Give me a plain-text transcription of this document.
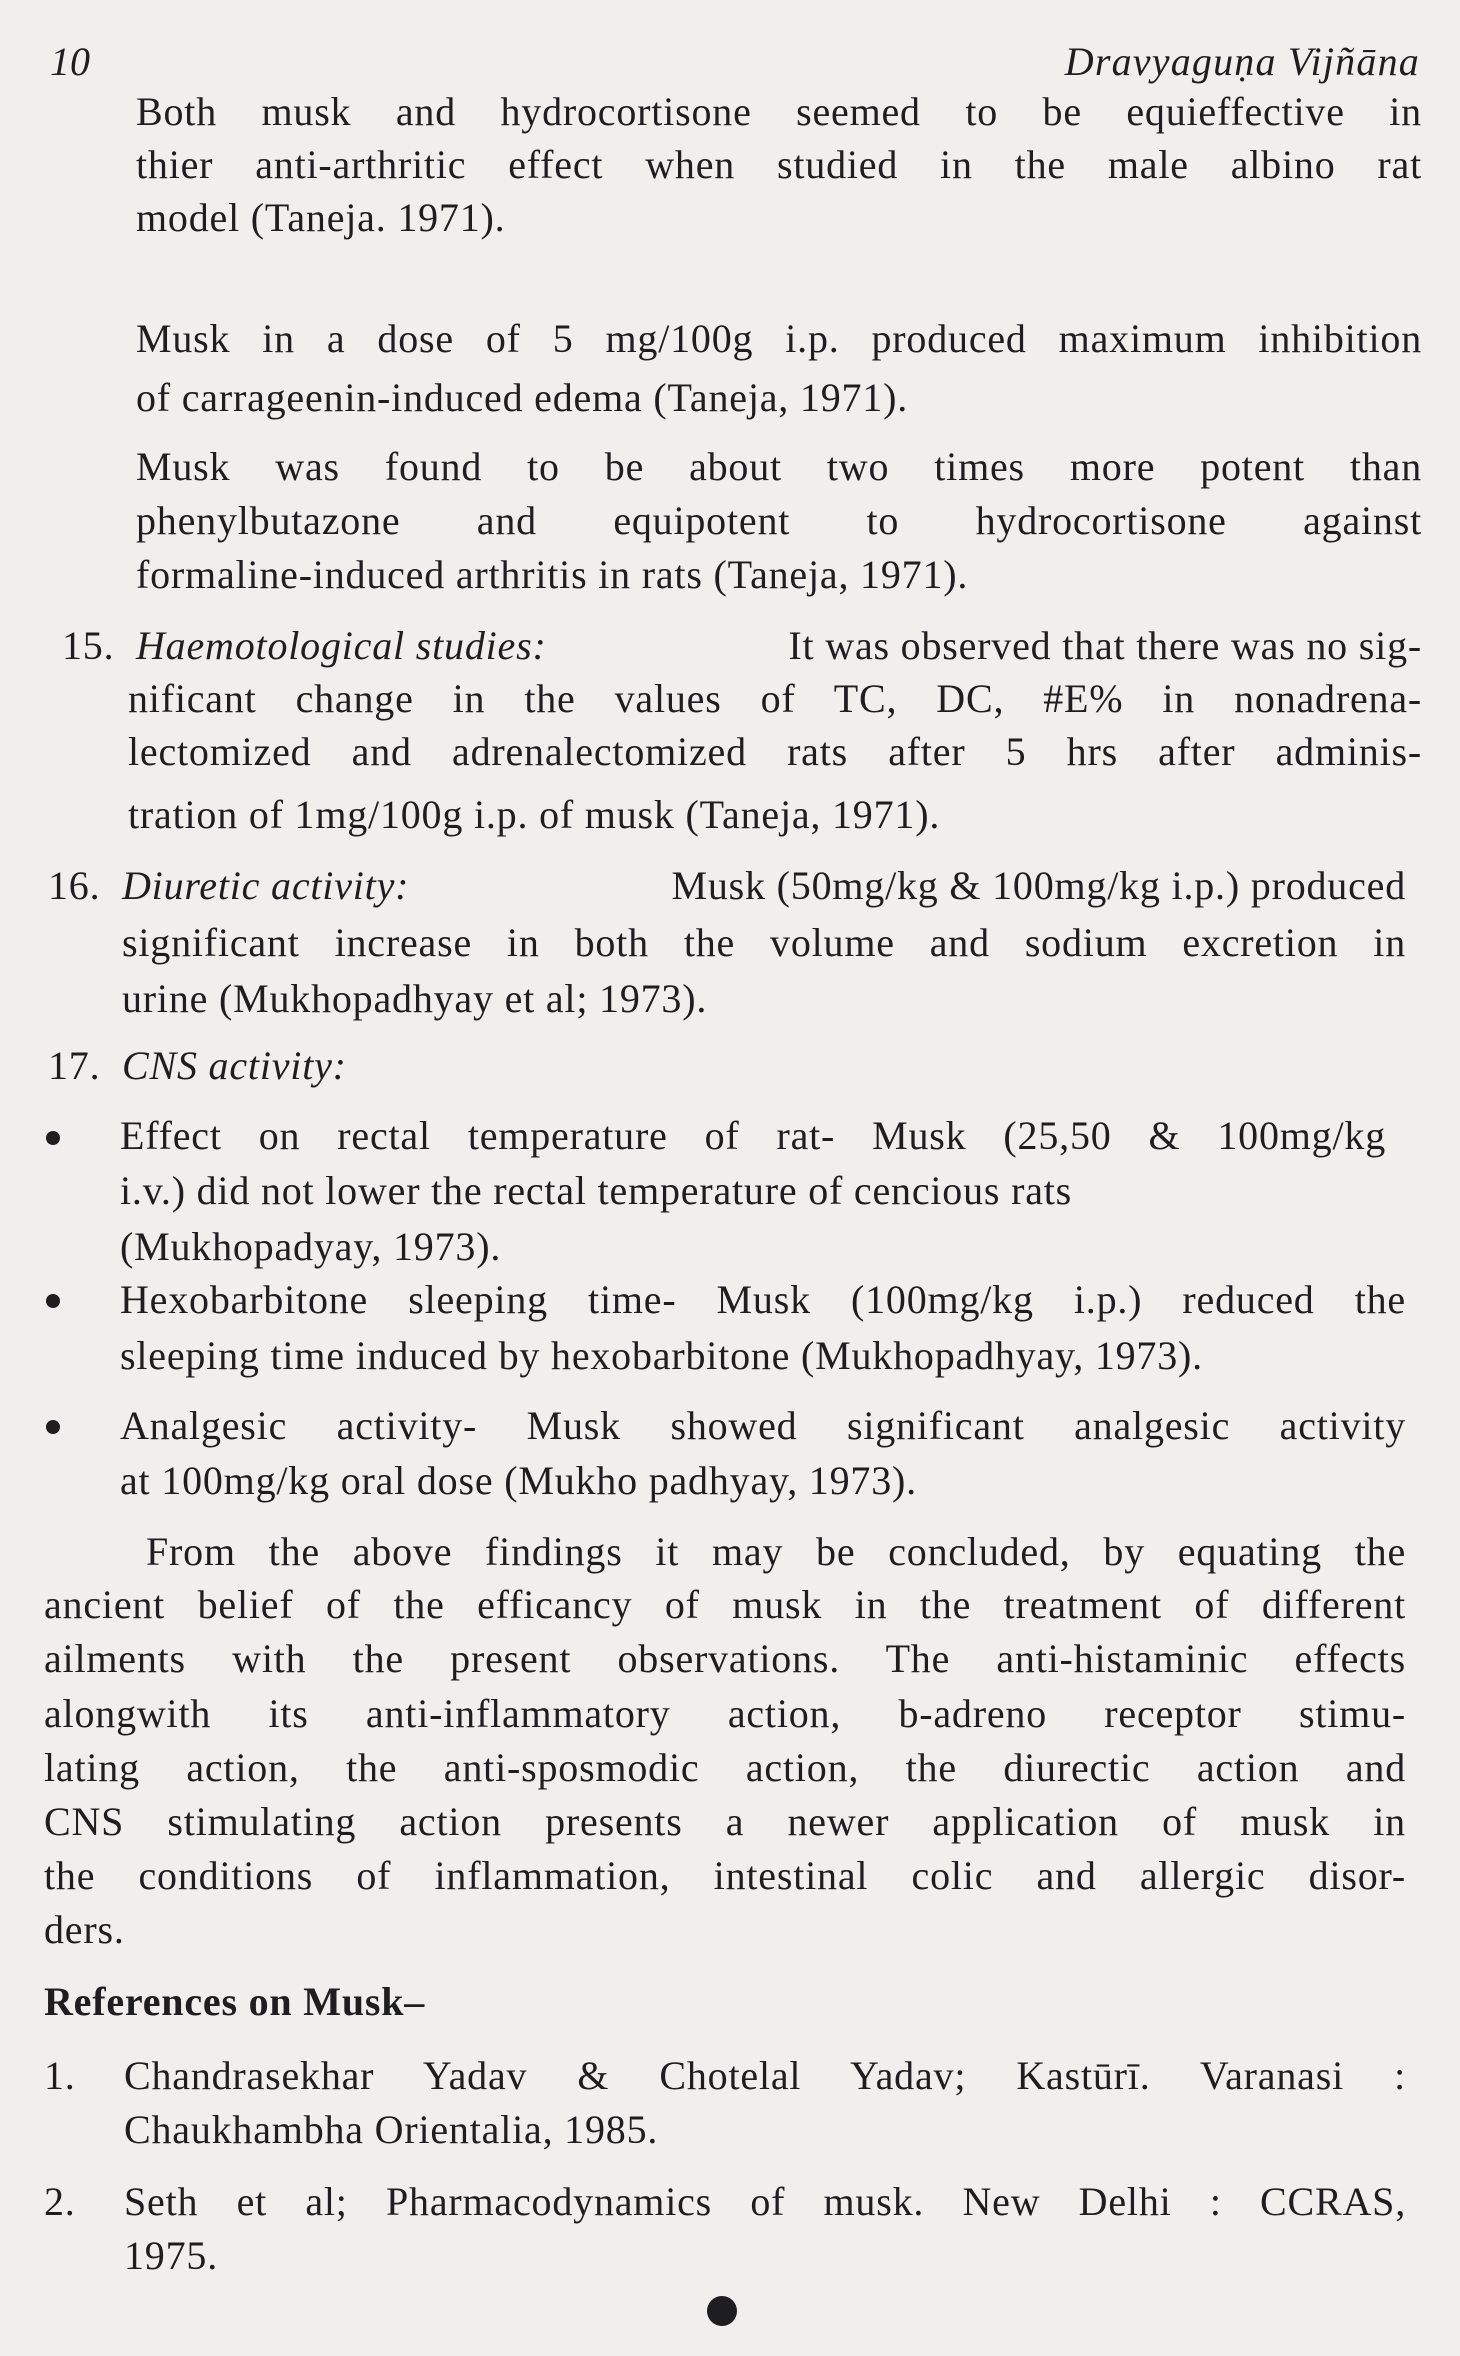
10	Dravyaguṇa Vijñāna
Both musk and hydrocortisone seemed to be equieffective in
thier anti-arthritic effect when studied in the male albino rat
model (Taneja. 1971).
Musk in a dose of 5 mg/100g i.p. produced maximum inhibition
of carrageenin-induced edema (Taneja, 1971).
Musk was found to be about two times more potent than
phenylbutazone and equipotent to hydrocortisone against
formaline-induced arthritis in rats (Taneja, 1971).
15. Haemotological studies:	It was observed that there was no sig-
nificant change in the values of TC, DC, #E% in nonadrena-
lectomized and adrenalectomized rats after 5 hrs after adminis-
tration of 1mg/100g i.p. of musk (Taneja, 1971).
16. Diuretic activity:	Musk (50mg/kg & 100mg/kg i.p.) produced
significant increase in both the volume and sodium excretion in
urine (Mukhopadhyay et al; 1973).
17. CNS activity:
Effect on rectal temperature of rat- Musk (25,50 & 100mg/kg
i.v.) did not lower the rectal temperature of cencious rats
(Mukhopadyay, 1973).
Hexobarbitone sleeping time- Musk (100mg/kg i.p.) reduced the
sleeping time induced by hexobarbitone (Mukhopadhyay, 1973).
Analgesic activity- Musk showed significant analgesic activity
at 100mg/kg oral dose (Mukho padhyay, 1973).
From the above findings it may be concluded, by equating the
ancient belief of the efficancy of musk in the treatment of different
ailments with the present observations. The anti-histaminic effects
alongwith its anti-inflammatory action, b-adreno receptor stimu-
lating action, the anti-sposmodic action, the diurectic action and
CNS stimulating action presents a newer application of musk in
the conditions of inflammation, intestinal colic and allergic disor-
ders.
References on Musk–
1. Chandrasekhar Yadav & Chotelal Yadav; Kastūrī. Varanasi :
Chaukhambha Orientalia, 1985.
2. Seth et al; Pharmacodynamics of musk. New Delhi : CCRAS,
1975.
